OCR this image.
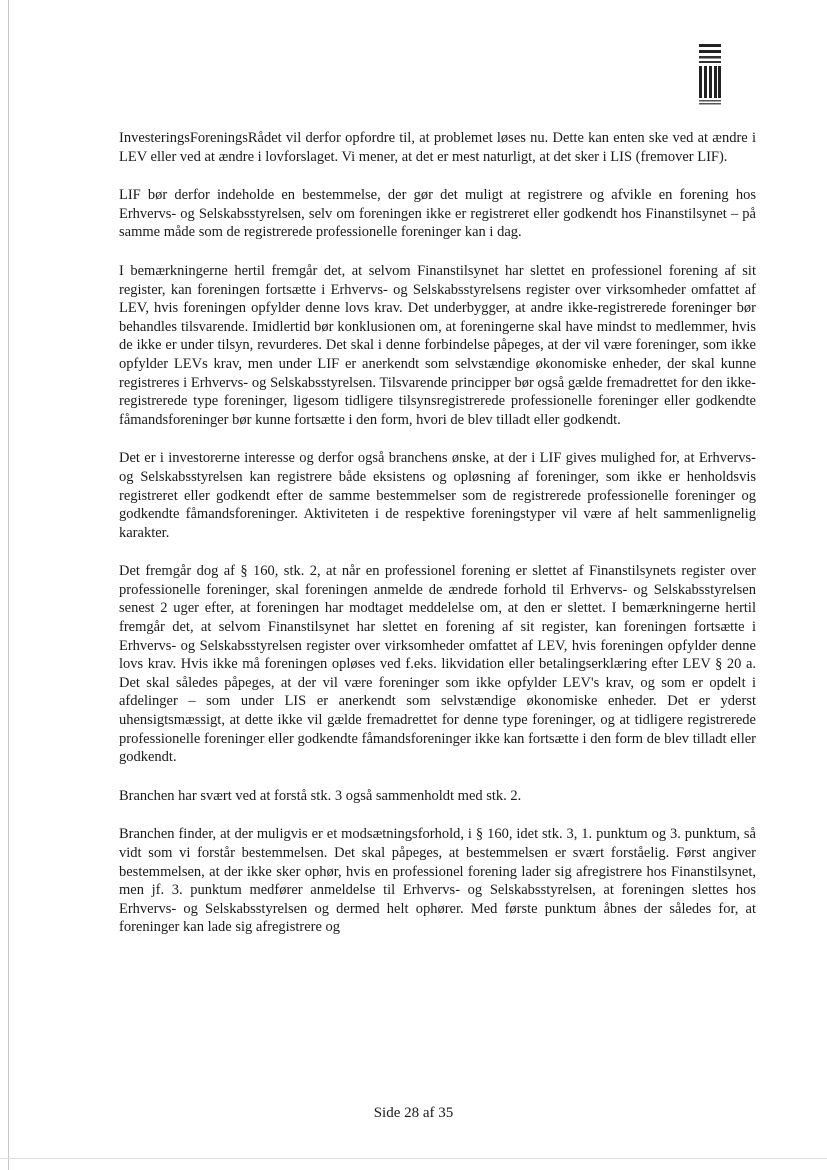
InvesteringsForeningsRådet vil derfor opfordre til, at problemet løses nu. Dette kan enten ske ved at ændre i LEV eller ved at ændre i lovforslaget. Vi mener, at det er mest naturligt, at det sker i LIS (fremover LIF).

LIF bør derfor indeholde en bestemmelse, der gør det muligt at registrere og afvikle en forening hos Erhvervs- og Selskabsstyrelsen, selv om foreningen ikke er registreret eller godkendt hos Finanstilsynet – på samme måde som de registrerede professionelle foreninger kan i dag.

I bemærkningerne hertil fremgår det, at selvom Finanstilsynet har slettet en professionel forening af sit register, kan foreningen fortsætte i Erhvervs- og Selskabsstyrelsens register over virksomheder omfattet af LEV, hvis foreningen opfylder denne lovs krav. Det underbygger, at andre ikke-registrerede foreninger bør behandles tilsvarende. Imidlertid bør konklusionen om, at foreningerne skal have mindst to medlemmer, hvis de ikke er under tilsyn, revurderes. Det skal i denne forbindelse påpeges, at der vil være foreninger, som ikke opfylder LEVs krav, men under LIF er anerkendt som selvstændige økonomiske enheder, der skal kunne registreres i Erhvervs- og Selskabsstyrelsen. Tilsvarende principper bør også gælde fremadrettet for den ikke-registrerede type foreninger, ligesom tidligere tilsynsregistrerede professionelle foreninger eller godkendte fåmandsforeninger bør kunne fortsætte i den form, hvori de blev tilladt eller godkendt.

Det er i investorerne interesse og derfor også branchens ønske, at der i LIF gives mulighed for, at Erhvervs- og Selskabsstyrelsen kan registrere både eksistens og opløsning af foreninger, som ikke er henholdsvis registreret eller godkendt efter de samme bestemmelser som de registrerede professionelle foreninger og godkendte fåmandsforeninger. Aktiviteten i de respektive foreningstyper vil være af helt sammenlignelig karakter.

Det fremgår dog af § 160, stk. 2, at når en professionel forening er slettet af Finanstilsynets register over professionelle foreninger, skal foreningen anmelde de ændrede forhold til Erhvervs- og Selskabsstyrelsen senest 2 uger efter, at foreningen har modtaget meddelelse om, at den er slettet. I bemærkningerne hertil fremgår det, at selvom Finanstilsynet har slettet en forening af sit register, kan foreningen fortsætte i Erhvervs- og Selskabsstyrelsen register over virksomheder omfattet af LEV, hvis foreningen opfylder denne lovs krav. Hvis ikke må foreningen opløses ved f.eks. likvidation eller betalingserklæring efter LEV § 20 a. Det skal således påpeges, at der vil være foreninger som ikke opfylder LEV's krav, og som er opdelt i afdelinger – som under LIS er anerkendt som selvstændige økonomiske enheder. Det er yderst uhensigtsmæssigt, at dette ikke vil gælde fremadrettet for denne type foreninger, og at tidligere registrerede professionelle foreninger eller godkendte fåmandsforeninger ikke kan fortsætte i den form de blev tilladt eller godkendt.

Branchen har svært ved at forstå stk. 3 også sammenholdt med stk. 2.

Branchen finder, at der muligvis er et modsætningsforhold, i § 160, idet stk. 3, 1. punktum og 3. punktum, så vidt som vi forstår bestemmelsen. Det skal påpeges, at bestemmelsen er svært forståelig. Først angiver bestemmelsen, at der ikke sker ophør, hvis en professionel forening lader sig afregistrere hos Finanstilsynet, men jf. 3. punktum medfører anmeldelse til Erhvervs- og Selskabsstyrelsen, at foreningen slettes hos Erhvervs- og Selskabsstyrelsen og dermed helt ophører. Med første punktum åbnes der således for, at foreninger kan lade sig afregistrere og

Side 28 af 35
